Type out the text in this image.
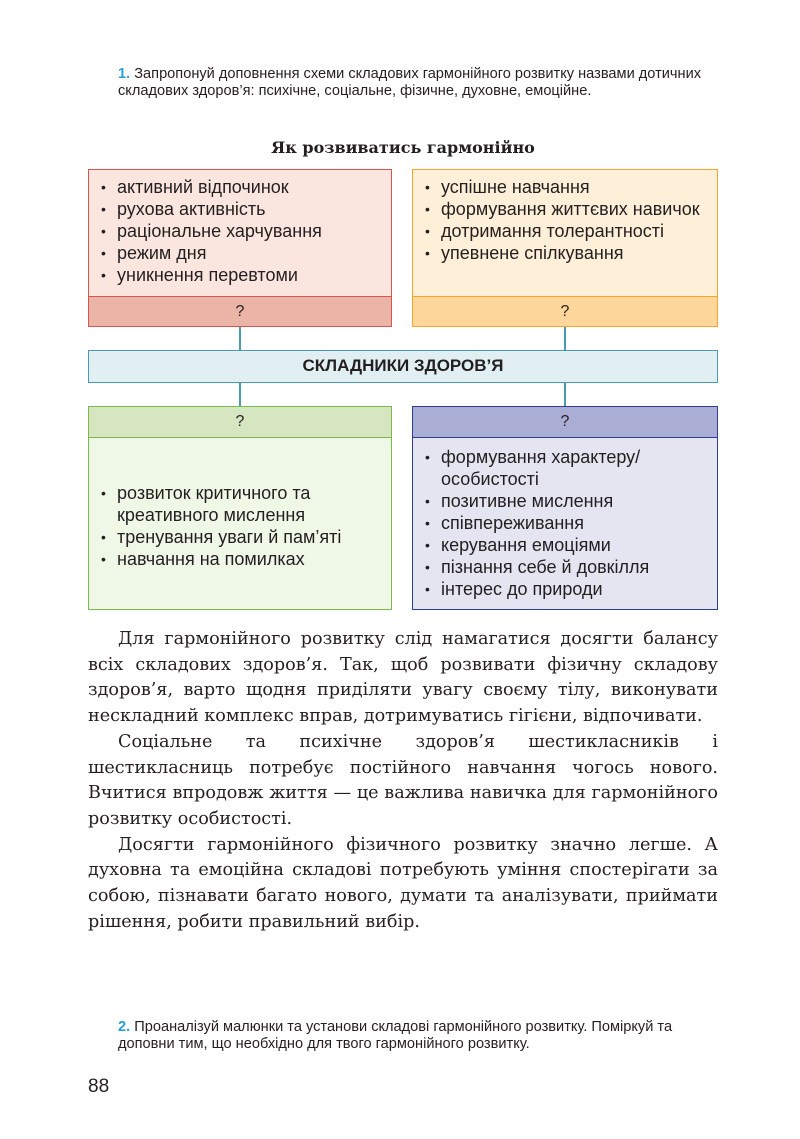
1. Запропонуй доповнення схеми складових гармонійного розвитку назвами дотичних складових здоров’я: психічне, соціальне, фізичне, духовне, емоційне.
Як розвиватись гармонійно
• активний відпочинок
• рухова активність
• раціональне харчування
• режим дня
• уникнення перевтоми
?
• успішне навчання
• формування життєвих навичок
• дотримання толерантності
• упевнене спілкування
?
СКЛАДНИКИ ЗДОРОВ’Я
?
• розвиток критичного та креативного мислення
• тренування уваги й пам’яті
• навчання на помилках
?
• формування характеру/ особистості
• позитивне мислення
• співпереживання
• керування емоціями
• пізнання себе й довкілля
• інтерес до природи

Для гармонійного розвитку слід намагатися досягти балансу всіх складових здоров’я. Так, щоб розвивати фізичну складову здоров’я, варто щодня приділяти увагу своєму тілу, виконувати нескладний комплекс вправ, дотримуватись гігієни, відпочивати.

Соціальне та психічне здоров’я шестикласників і шестикласниць потребує постійного навчання чогось нового. Вчитися впродовж життя — це важлива навичка для гармонійного розвитку особистості.

Досягти гармонійного фізичного розвитку значно легше. А духовна та емоційна складові потребують уміння спостерігати за собою, пізнавати багато нового, думати та аналізувати, приймати рішення, робити правильний вибір.

2. Проаналізуй малюнки та установи складові гармонійного розвитку. Поміркуй та доповни тим, що необхідно для твого гармонійного розвитку.
88
